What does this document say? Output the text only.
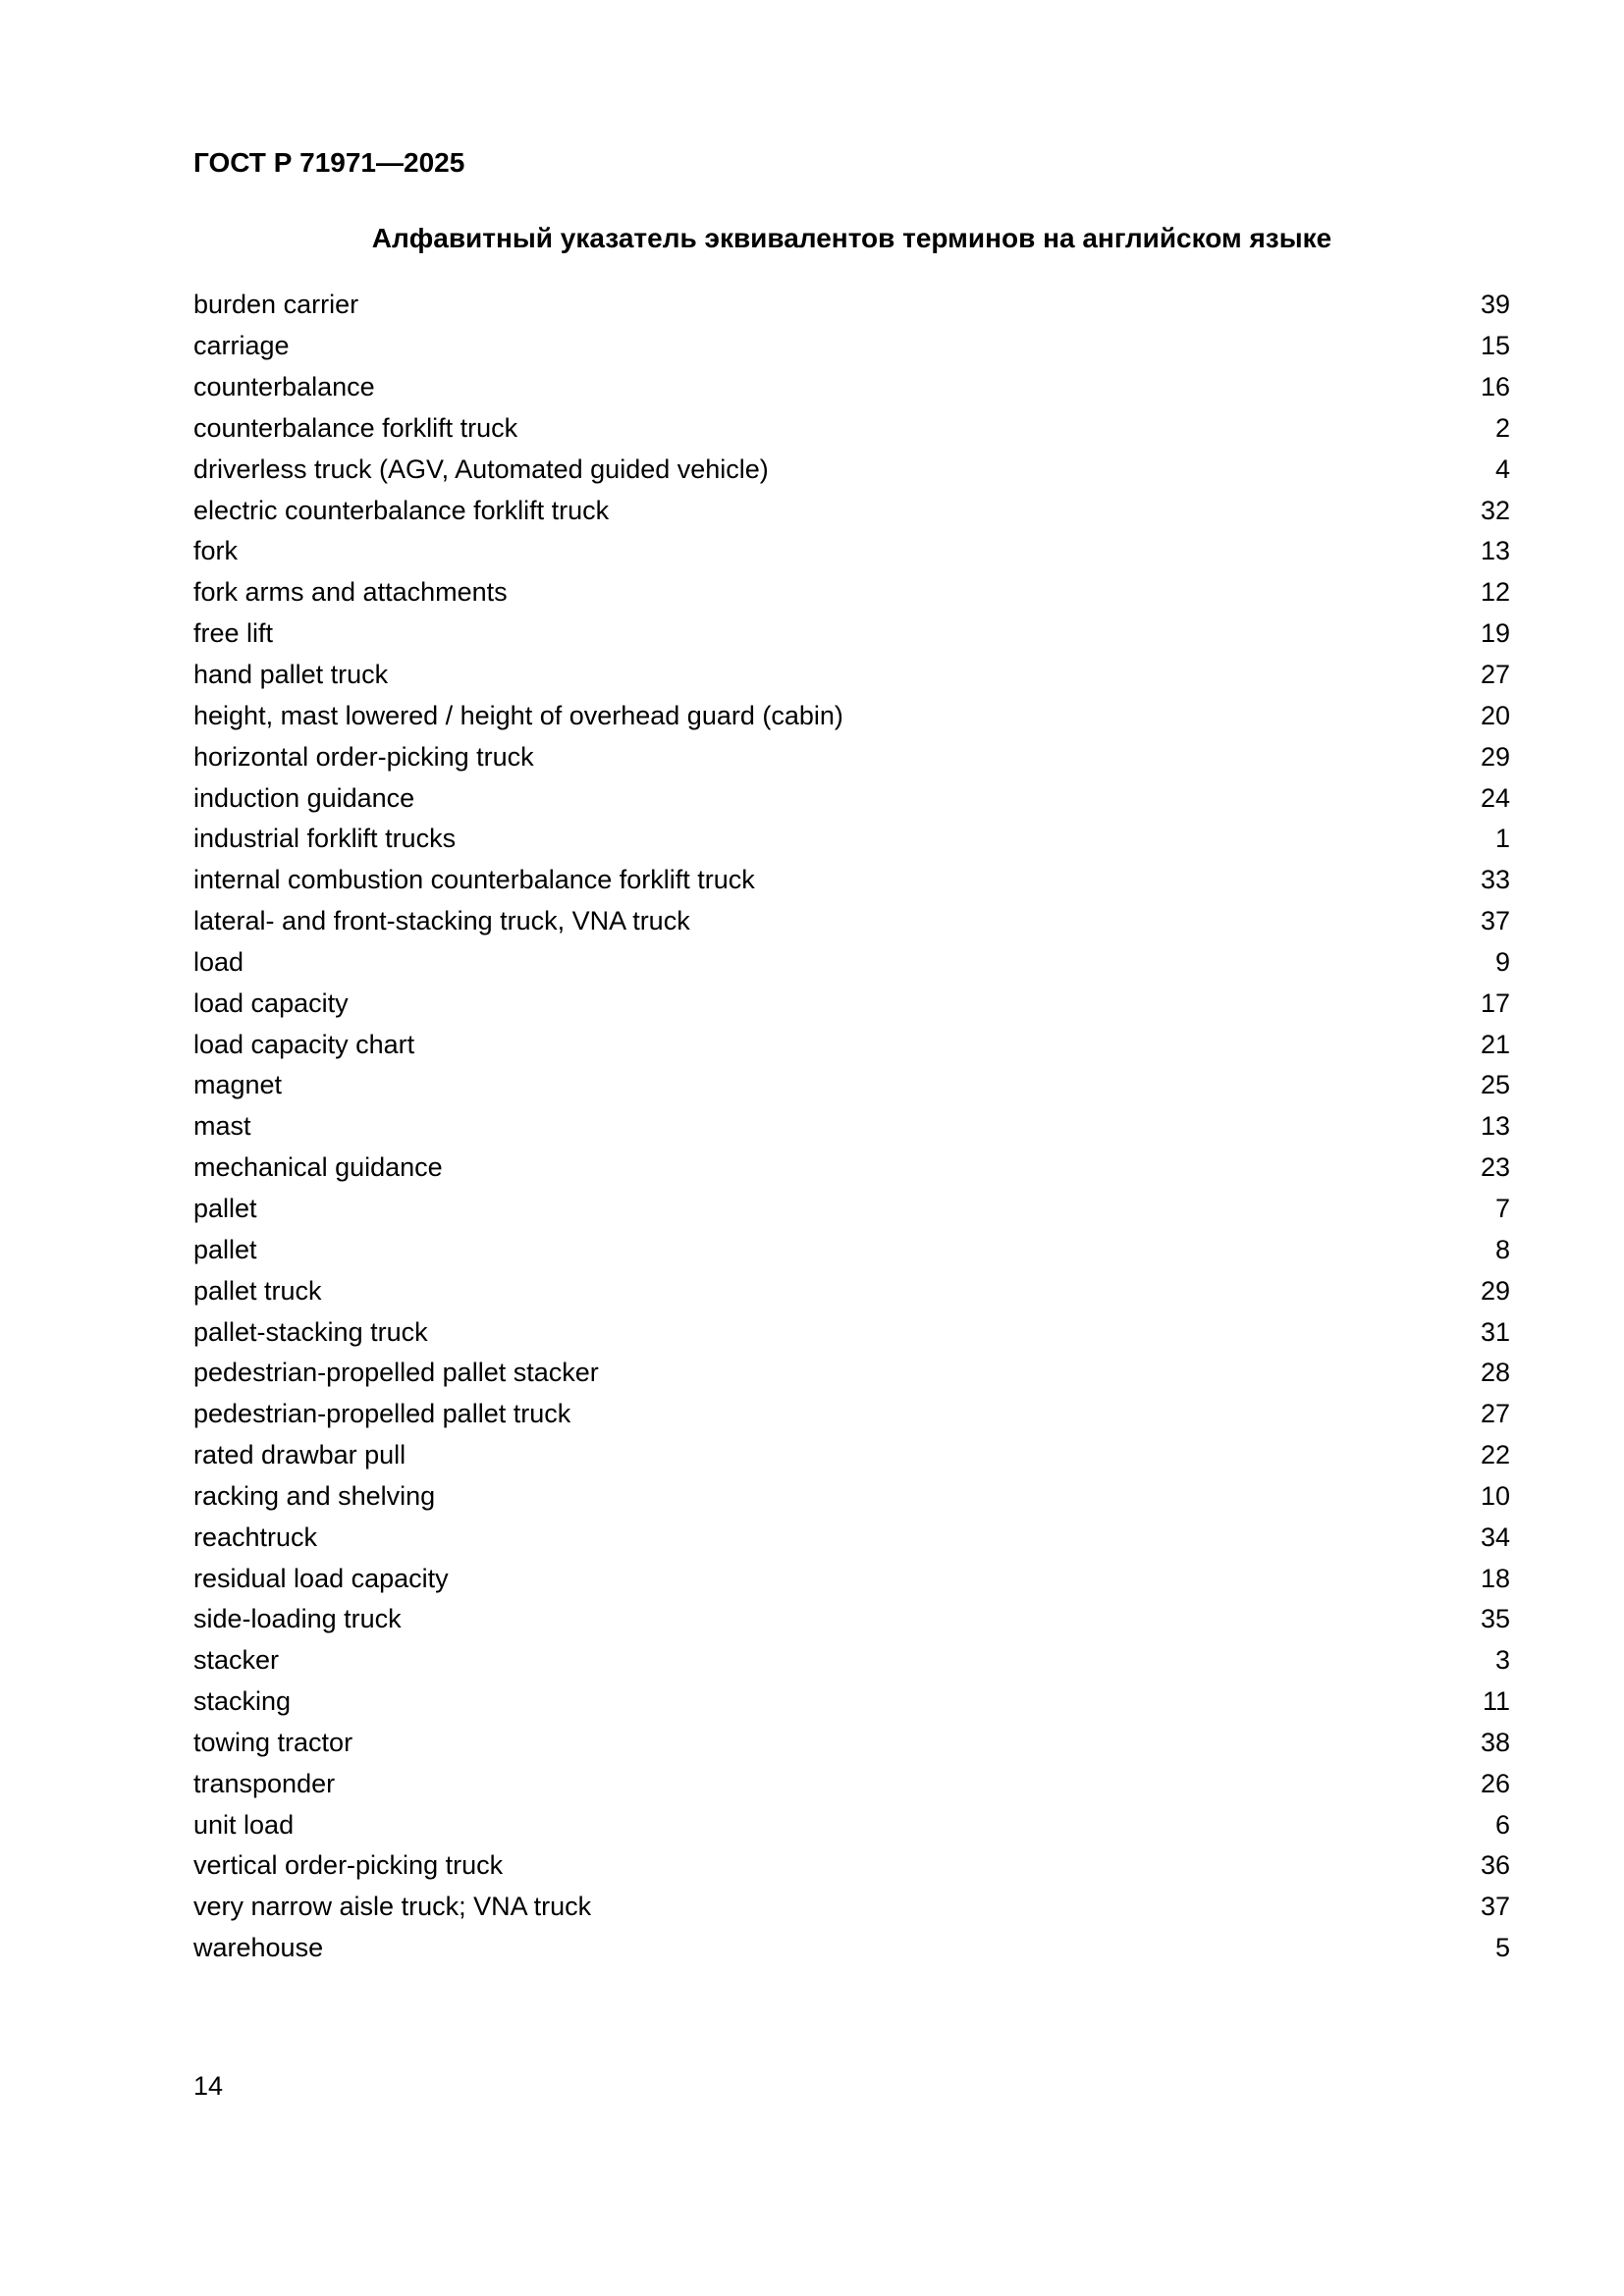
ГОСТ Р 71971—2025
Алфавитный указатель эквивалентов терминов на английском языке
burden carrier	39
carriage	15
counterbalance	16
counterbalance forklift truck	2
driverless truck (AGV, Automated guided vehicle)	4
electric counterbalance forklift truck	32
fork	13
fork arms and attachments	12
free lift	19
hand pallet truck	27
height, mast lowered / height of overhead guard (cabin)	20
horizontal order-picking truck	29
induction guidance	24
industrial forklift trucks	1
internal combustion counterbalance forklift truck	33
lateral- and front-stacking truck, VNA truck	37
load	9
load capacity	17
load capacity chart	21
magnet	25
mast	13
mechanical guidance	23
pallet	7
pallet	8
pallet truck	29
pallet-stacking truck	31
pedestrian-propelled pallet stacker	28
pedestrian-propelled pallet truck	27
rated drawbar pull	22
racking and shelving	10
reachtruck	34
residual load capacity	18
side-loading truck	35
stacker	3
stacking	11
towing tractor	38
transponder	26
unit load	6
vertical order-picking truck	36
very narrow aisle truck; VNA truck	37
warehouse	5
14
